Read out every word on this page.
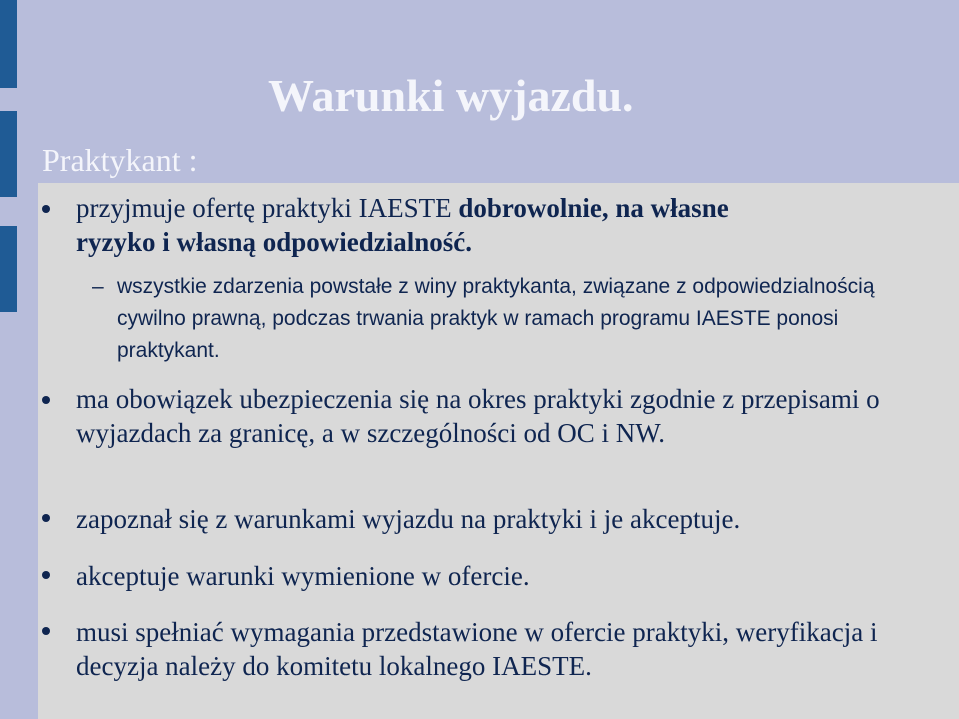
Warunki wyjazdu.
Praktykant :
przyjmuje ofertę praktyki IAESTE dobrowolnie, na własne
ryzyko i własną odpowiedzialność.
– wszystkie zdarzenia powstałe z winy praktykanta, związane z odpowiedzialnością cywilno prawną, podczas trwania praktyk w ramach programu IAESTE ponosi praktykant.
ma obowiązek ubezpieczenia się na okres praktyki zgodnie z przepisami o wyjazdach za granicę, a w szczególności od OC i NW.
zapoznał się z warunkami wyjazdu na praktyki i je akceptuje.
akceptuje warunki wymienione w ofercie.
musi spełniać wymagania przedstawione w ofercie praktyki, weryfikacja i decyzja należy do komitetu lokalnego IAESTE.
